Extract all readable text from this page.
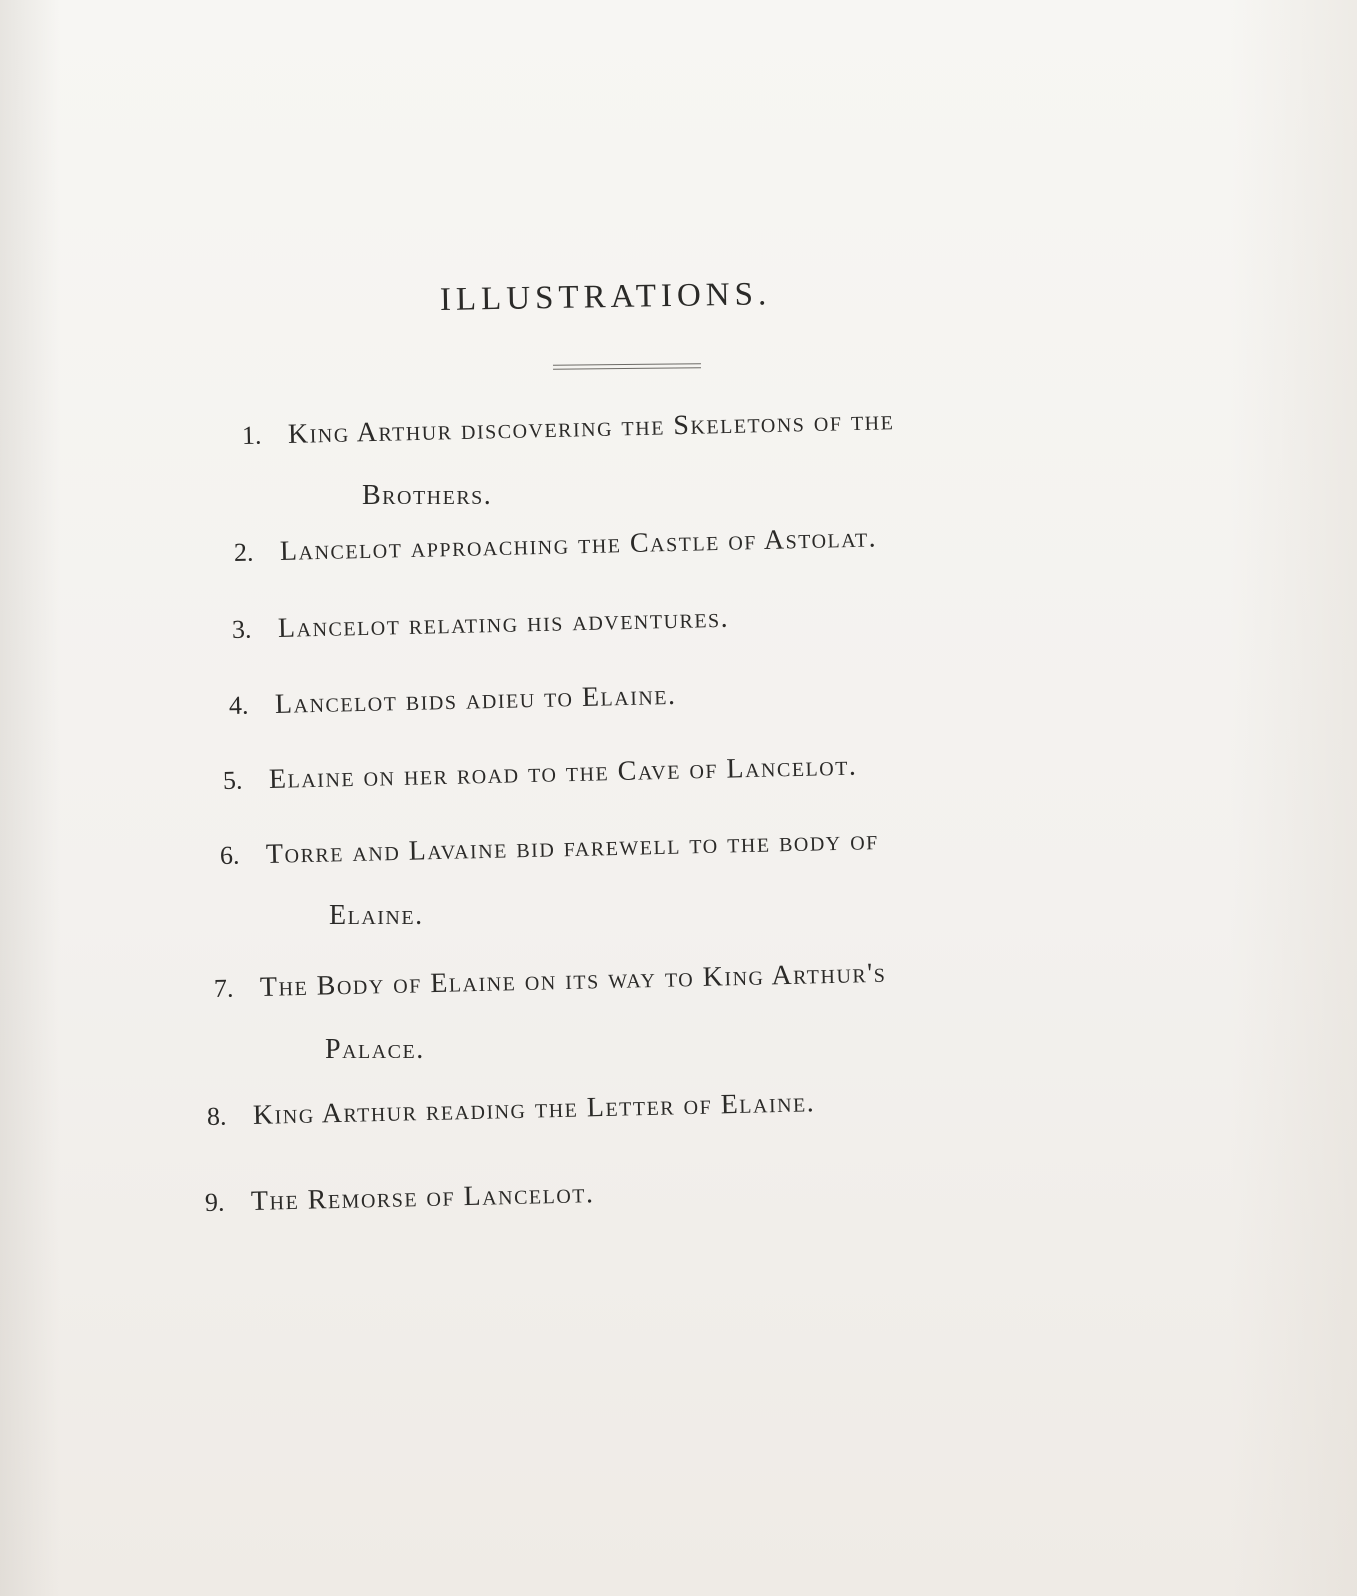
ILLUSTRATIONS.
1. King Arthur discovering the Skeletons of the
Brothers.
2. Lancelot approaching the Castle of Astolat.
3. Lancelot relating his adventures.
4. Lancelot bids adieu to Elaine.
5. Elaine on her road to the Cave of Lancelot.
6. Torre and Lavaine bid farewell to the body of
Elaine.
7. The Body of Elaine on its way to King Arthur's
Palace.
8. King Arthur reading the Letter of Elaine.
9. The Remorse of Lancelot.
